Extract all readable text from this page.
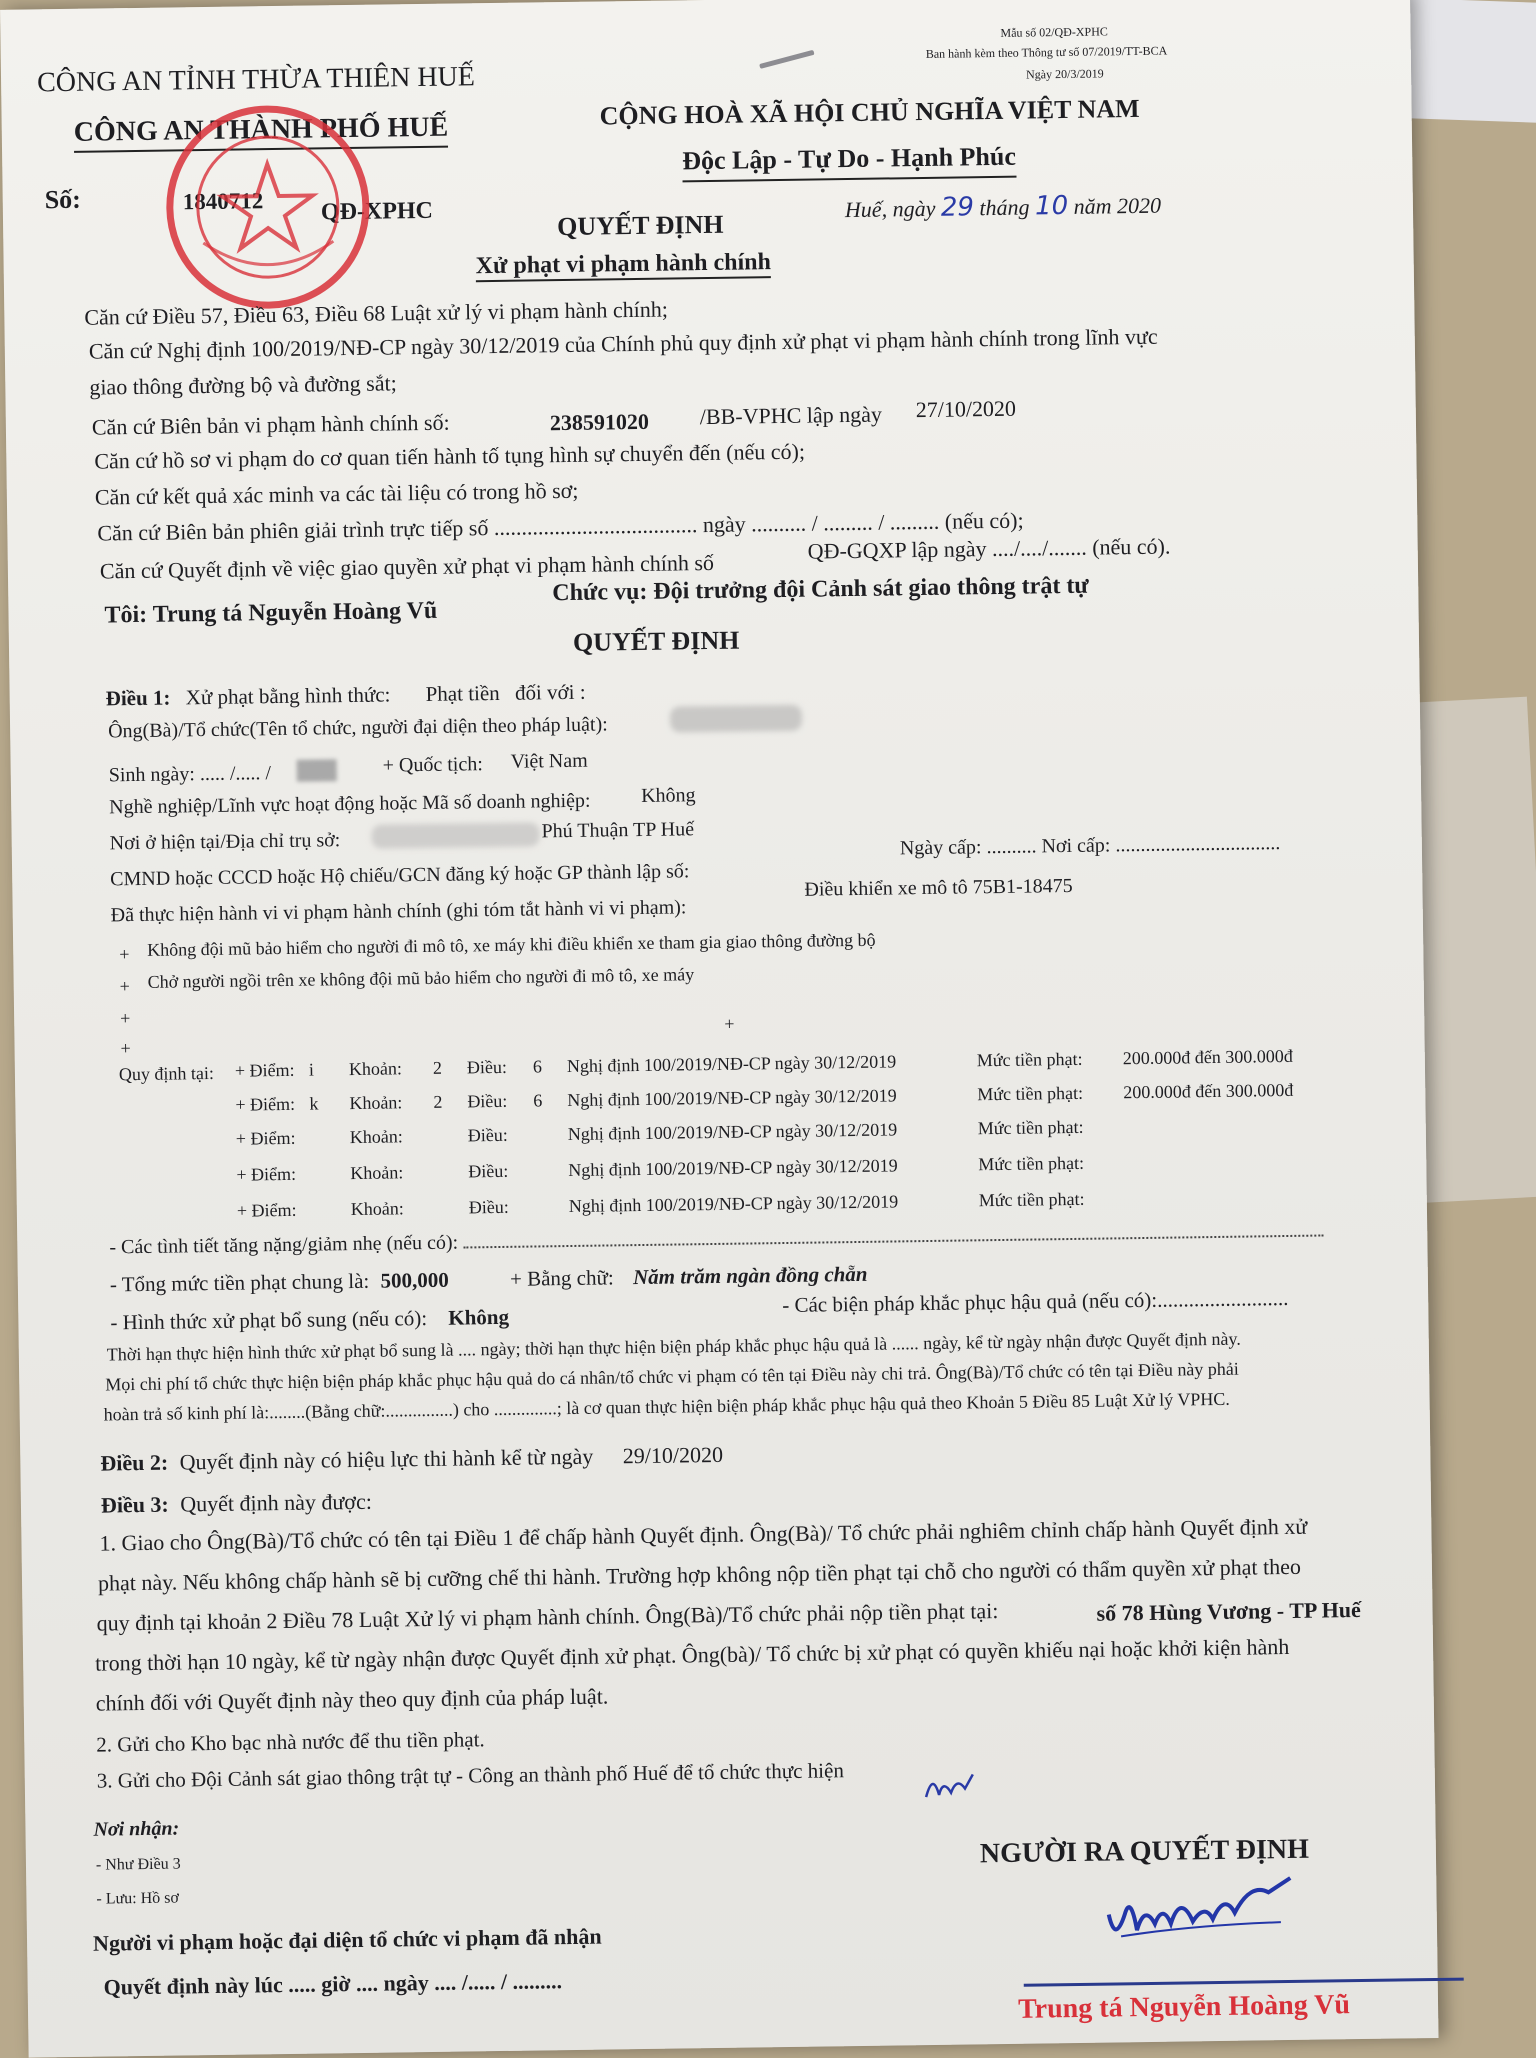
Mẫu số 02/QĐ-XPHC
Ban hành kèm theo Thông tư số 07/2019/TT-BCA
Ngày 20/3/2019
CÔNG AN TỈNH THỪA THIÊN HUẾ
CÔNG AN THÀNH PHỐ HUẾ
Số:	1840712 QĐ-XPHC
CỘNG HOÀ XÃ HỘI CHỦ NGHĨA VIỆT NAM
Độc Lập - Tự Do - Hạnh Phúc
Huế, ngày 29 tháng 10 năm 2020
QUYẾT ĐỊNH
Xử phạt vi phạm hành chính
Căn cứ Điều 57, Điều 63, Điều 68 Luật xử lý vi phạm hành chính;
Căn cứ Nghị định 100/2019/NĐ-CP ngày 30/12/2019 của Chính phủ quy định xử phạt vi phạm hành chính trong lĩnh vực
giao thông đường bộ và đường sắt;
Căn cứ Biên bản vi phạm hành chính số:	238591020 /BB-VPHC lập ngày 27/10/2020
Căn cứ hồ sơ vi phạm do cơ quan tiến hành tố tụng hình sự chuyển đến (nếu có);
Căn cứ kết quả xác minh va các tài liệu có trong hồ sơ;
Căn cứ Biên bản phiên giải trình trực tiếp số ..................................... ngày .......... / ......... / ......... (nếu có);
Căn cứ Quyết định về việc giao quyền xử phạt vi phạm hành chính số
QĐ-GQXP lập ngày ..../..../....... (nếu có).
Tôi: Trung tá Nguyễn Hoàng Vũ
Chức vụ: Đội trưởng đội Cảnh sát giao thông trật tự
QUYẾT ĐỊNH
Điều 1: Xử phạt bằng hình thức: Phạt tiền đối với :
Ông(Bà)/Tổ chức(Tên tổ chức, người đại diện theo pháp luật):
Sinh ngày: ..... /..... /	+ Quốc tịch: Việt Nam
Nghề nghiệp/Lĩnh vực hoạt động hoặc Mã số doanh nghiệp:	Không
Nơi ở hiện tại/Địa chỉ trụ sở:	Phú Thuận TP Huế
CMND hoặc CCCD hoặc Hộ chiếu/GCN đăng ký hoặc GP thành lập số:
Ngày cấp: .......... Nơi cấp: .................................
Đã thực hiện hành vi vi phạm hành chính (ghi tóm tắt hành vi vi phạm):
Điều khiển xe mô tô 75B1-18475
+ Không đội mũ bảo hiểm cho người đi mô tô, xe máy khi điều khiển xe tham gia giao thông đường bộ
+ Chở người ngồi trên xe không đội mũ bảo hiểm cho người đi mô tô, xe máy
+
+
+
Quy định tại: + Điểm: i Khoản: 2 Điều: 6 Nghị định 100/2019/NĐ-CP ngày 30/12/2019	Mức tiền phạt: 200.000đ đến 300.000đ
+ Điểm: k Khoản: 2 Điều: 6 Nghị định 100/2019/NĐ-CP ngày 30/12/2019	Mức tiền phạt: 200.000đ đến 300.000đ
+ Điểm:	Khoản:	Điều:	Nghị định 100/2019/NĐ-CP ngày 30/12/2019	Mức tiền phạt:
+ Điểm:	Khoản:	Điều:	Nghị định 100/2019/NĐ-CP ngày 30/12/2019	Mức tiền phạt:
+ Điểm:	Khoản:	Điều:	Nghị định 100/2019/NĐ-CP ngày 30/12/2019	Mức tiền phạt:
- Các tình tiết tăng nặng/giảm nhẹ (nếu có):
- Tổng mức tiền phạt chung là: 500,000	+ Bằng chữ: Năm trăm ngàn đồng chẵn
- Hình thức xử phạt bổ sung (nếu có): Không
- Các biện pháp khắc phục hậu quả (nếu có):.........................
Thời hạn thực hiện hình thức xử phạt bổ sung là .... ngày; thời hạn thực hiện biện pháp khắc phục hậu quả là ...... ngày, kể từ ngày nhận được Quyết định này.
Mọi chi phí tổ chức thực hiện biện pháp khắc phục hậu quả do cá nhân/tổ chức vi phạm có tên tại Điều này chi trả. Ông(Bà)/Tổ chức có tên tại Điều này phải
hoàn trả số kinh phí là:........(Bằng chữ:...............) cho ..............; là cơ quan thực hiện biện pháp khắc phục hậu quả theo Khoản 5 Điều 85 Luật Xử lý VPHC.
Điều 2: Quyết định này có hiệu lực thi hành kể từ ngày 29/10/2020
Điều 3: Quyết định này được:
1. Giao cho Ông(Bà)/Tổ chức có tên tại Điều 1 để chấp hành Quyết định. Ông(Bà)/ Tổ chức phải nghiêm chỉnh chấp hành Quyết định xử
phạt này. Nếu không chấp hành sẽ bị cưỡng chế thi hành. Trường hợp không nộp tiền phạt tại chỗ cho người có thẩm quyền xử phạt theo
quy định tại khoản 2 Điều 78 Luật Xử lý vi phạm hành chính. Ông(Bà)/Tổ chức phải nộp tiền phạt tại:	số 78 Hùng Vương - TP Huế
trong thời hạn 10 ngày, kể từ ngày nhận được Quyết định xử phạt. Ông(bà)/ Tổ chức bị xử phạt có quyền khiếu nại hoặc khởi kiện hành
chính đối với Quyết định này theo quy định của pháp luật.
2. Gửi cho Kho bạc nhà nước để thu tiền phạt.
3. Gửi cho Đội Cảnh sát giao thông trật tự - Công an thành phố Huế để tổ chức thực hiện
Nơi nhận:
- Như Điều 3
- Lưu: Hồ sơ
Người vi phạm hoặc đại diện tổ chức vi phạm đã nhận
Quyết định này lúc ..... giờ .... ngày .... /..... / .........
NGƯỜI RA QUYẾT ĐỊNH
Trung tá Nguyễn Hoàng Vũ
